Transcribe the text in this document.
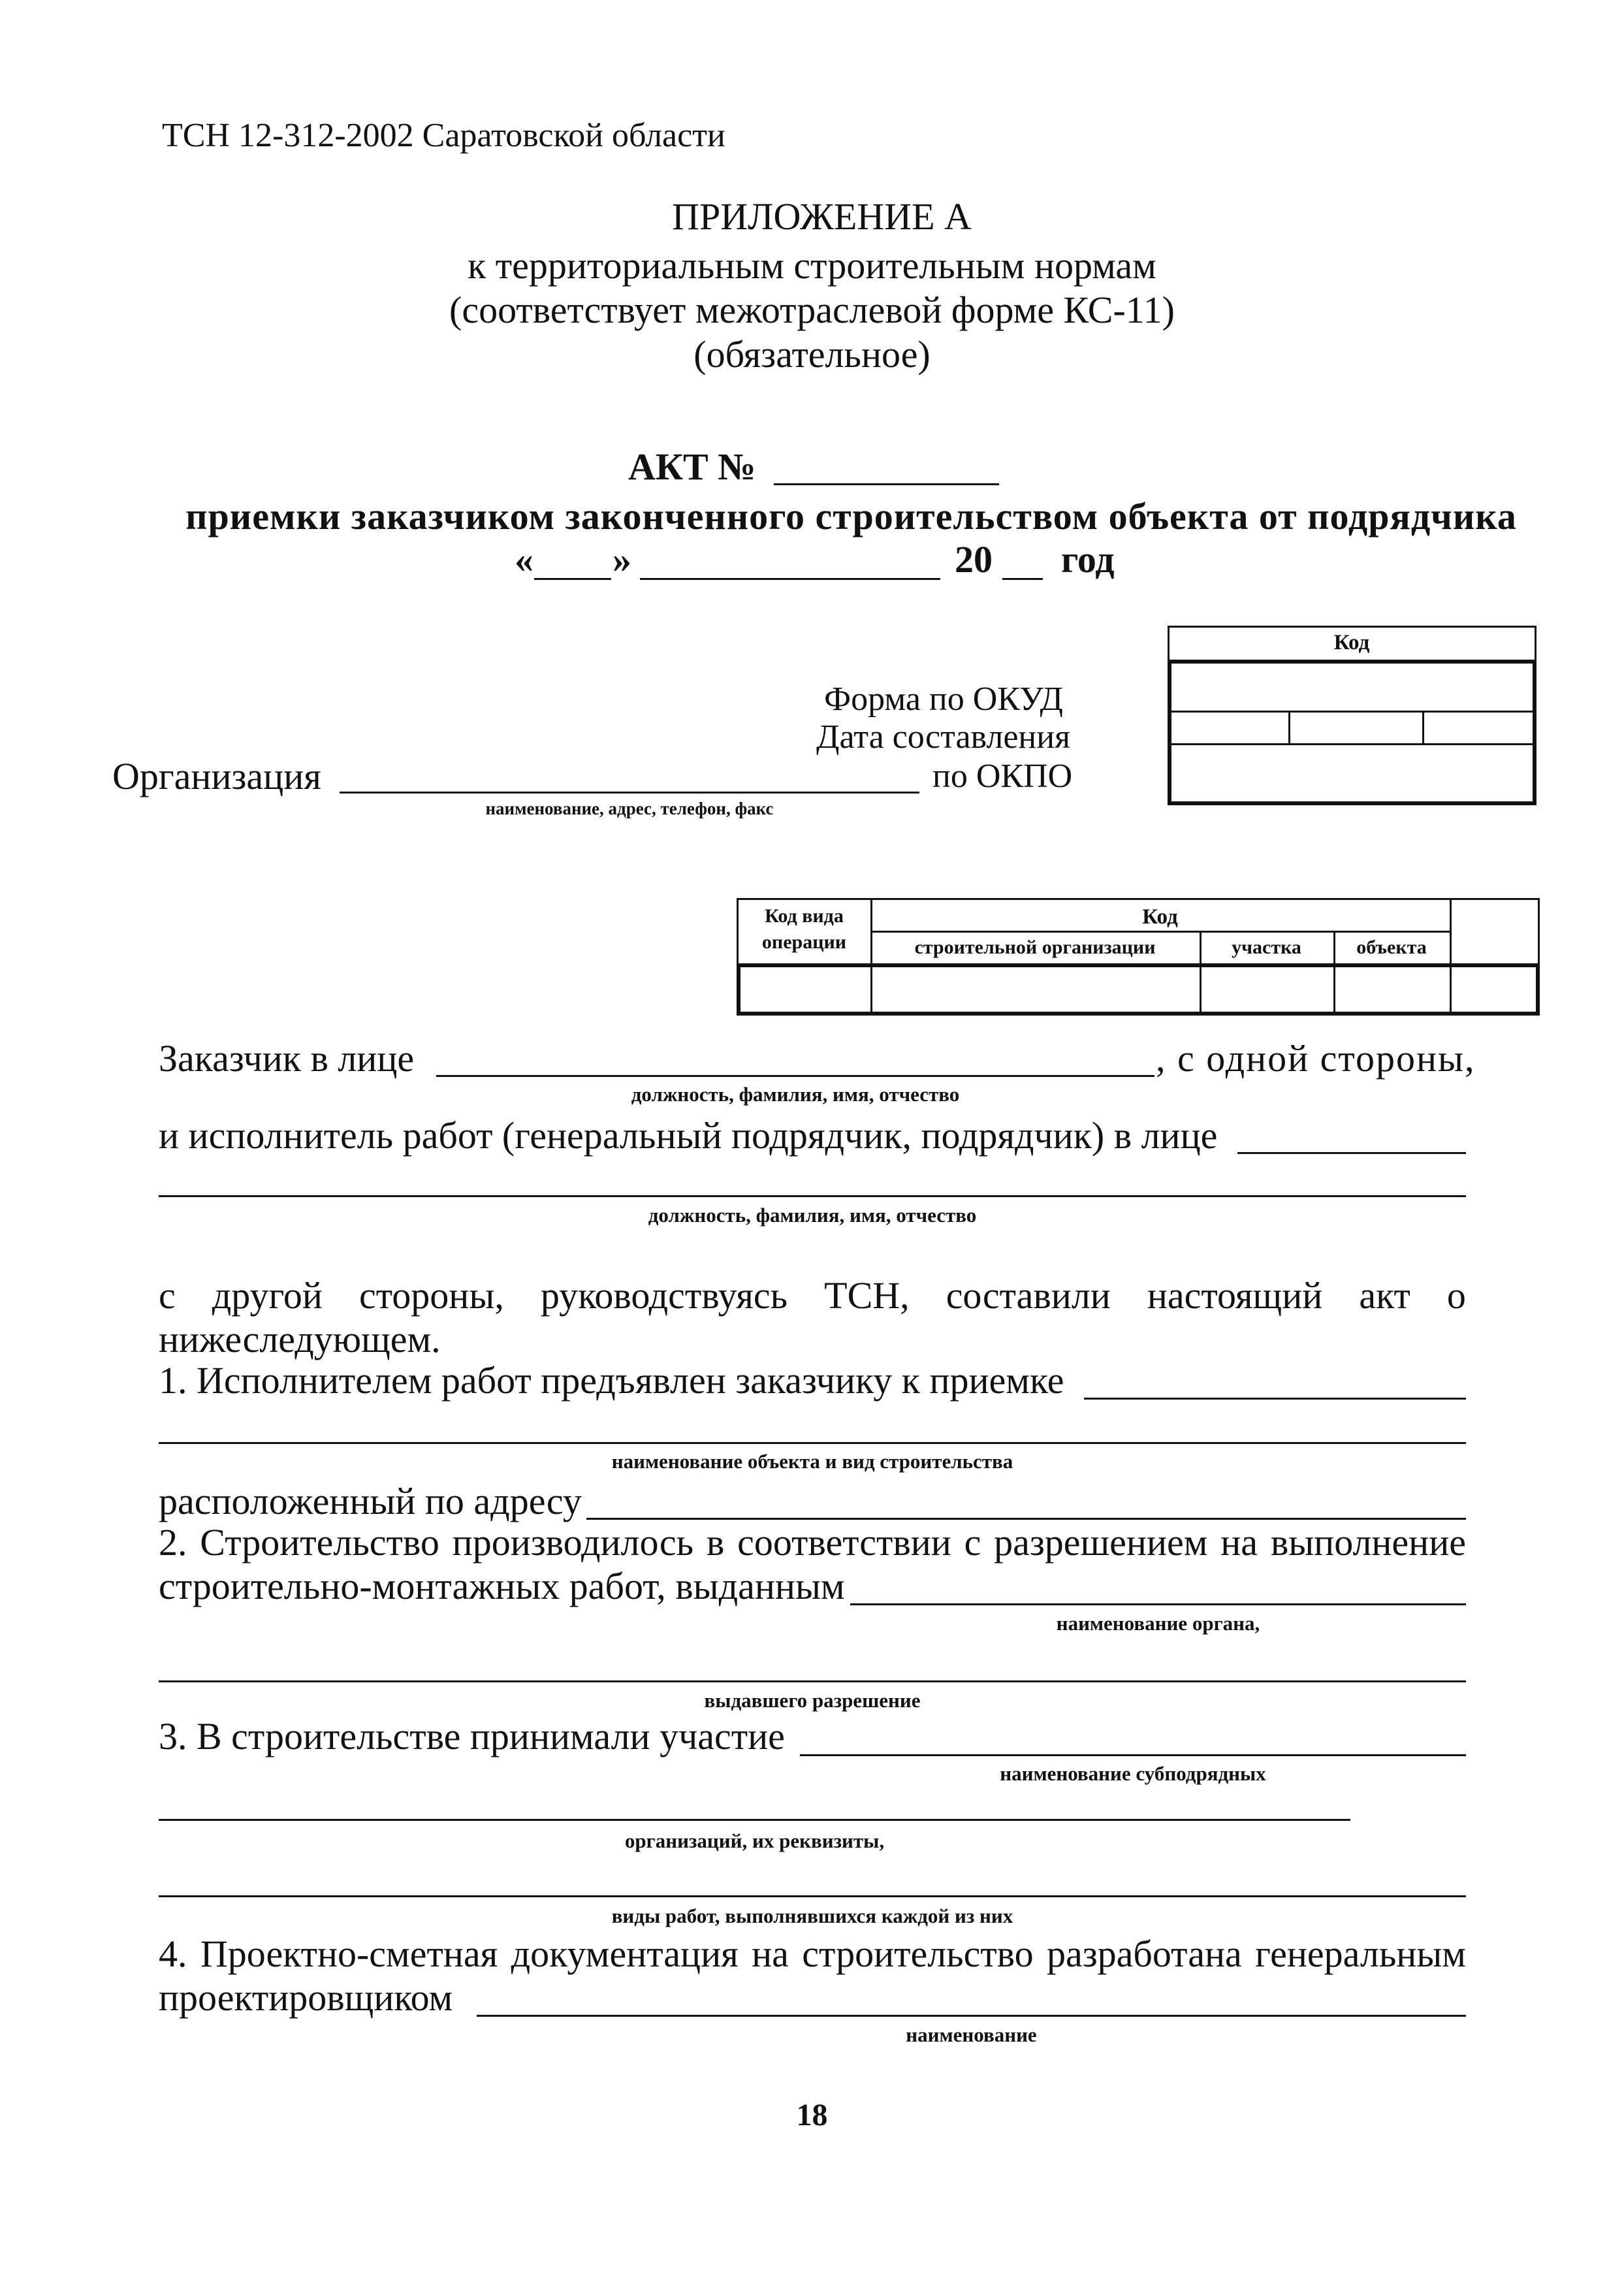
ТСН 12-312-2002 Саратовской области
ПРИЛОЖЕНИЕ А
к территориальным строительным нормам
(соответствует межотраслевой форме КС-11)
(обязательное)
АКТ №
приемки заказчиком законченного строительством объекта от подрядчика
« »	20 год
Код
Форма по ОКУД
Дата составления
по ОКПО
Организация
наименование, адрес, телефон, факс
Код вида
операции
Код
строительной организации	участка	объекта
Заказчик в лице	, с одной стороны,
должность, фамилия, имя, отчество
и исполнитель работ (генеральный подрядчик, подрядчик) в лице
должность, фамилия, имя, отчество
с другой стороны, руководствуясь ТСН, составили настоящий акт о
нижеследующем.
1. Исполнителем работ предъявлен заказчику к приемке
наименование объекта и вид строительства
расположенный по адресу
2. Строительство производилось в соответствии с разрешением на выполнение
строительно-монтажных работ, выданным
наименование органа,
выдавшего разрешение
3. В строительстве принимали участие
наименование субподрядных
организаций, их реквизиты,
виды работ, выполнявшихся каждой из них
4. Проектно-сметная документация на строительство разработана генеральным
проектировщиком
наименование
18
